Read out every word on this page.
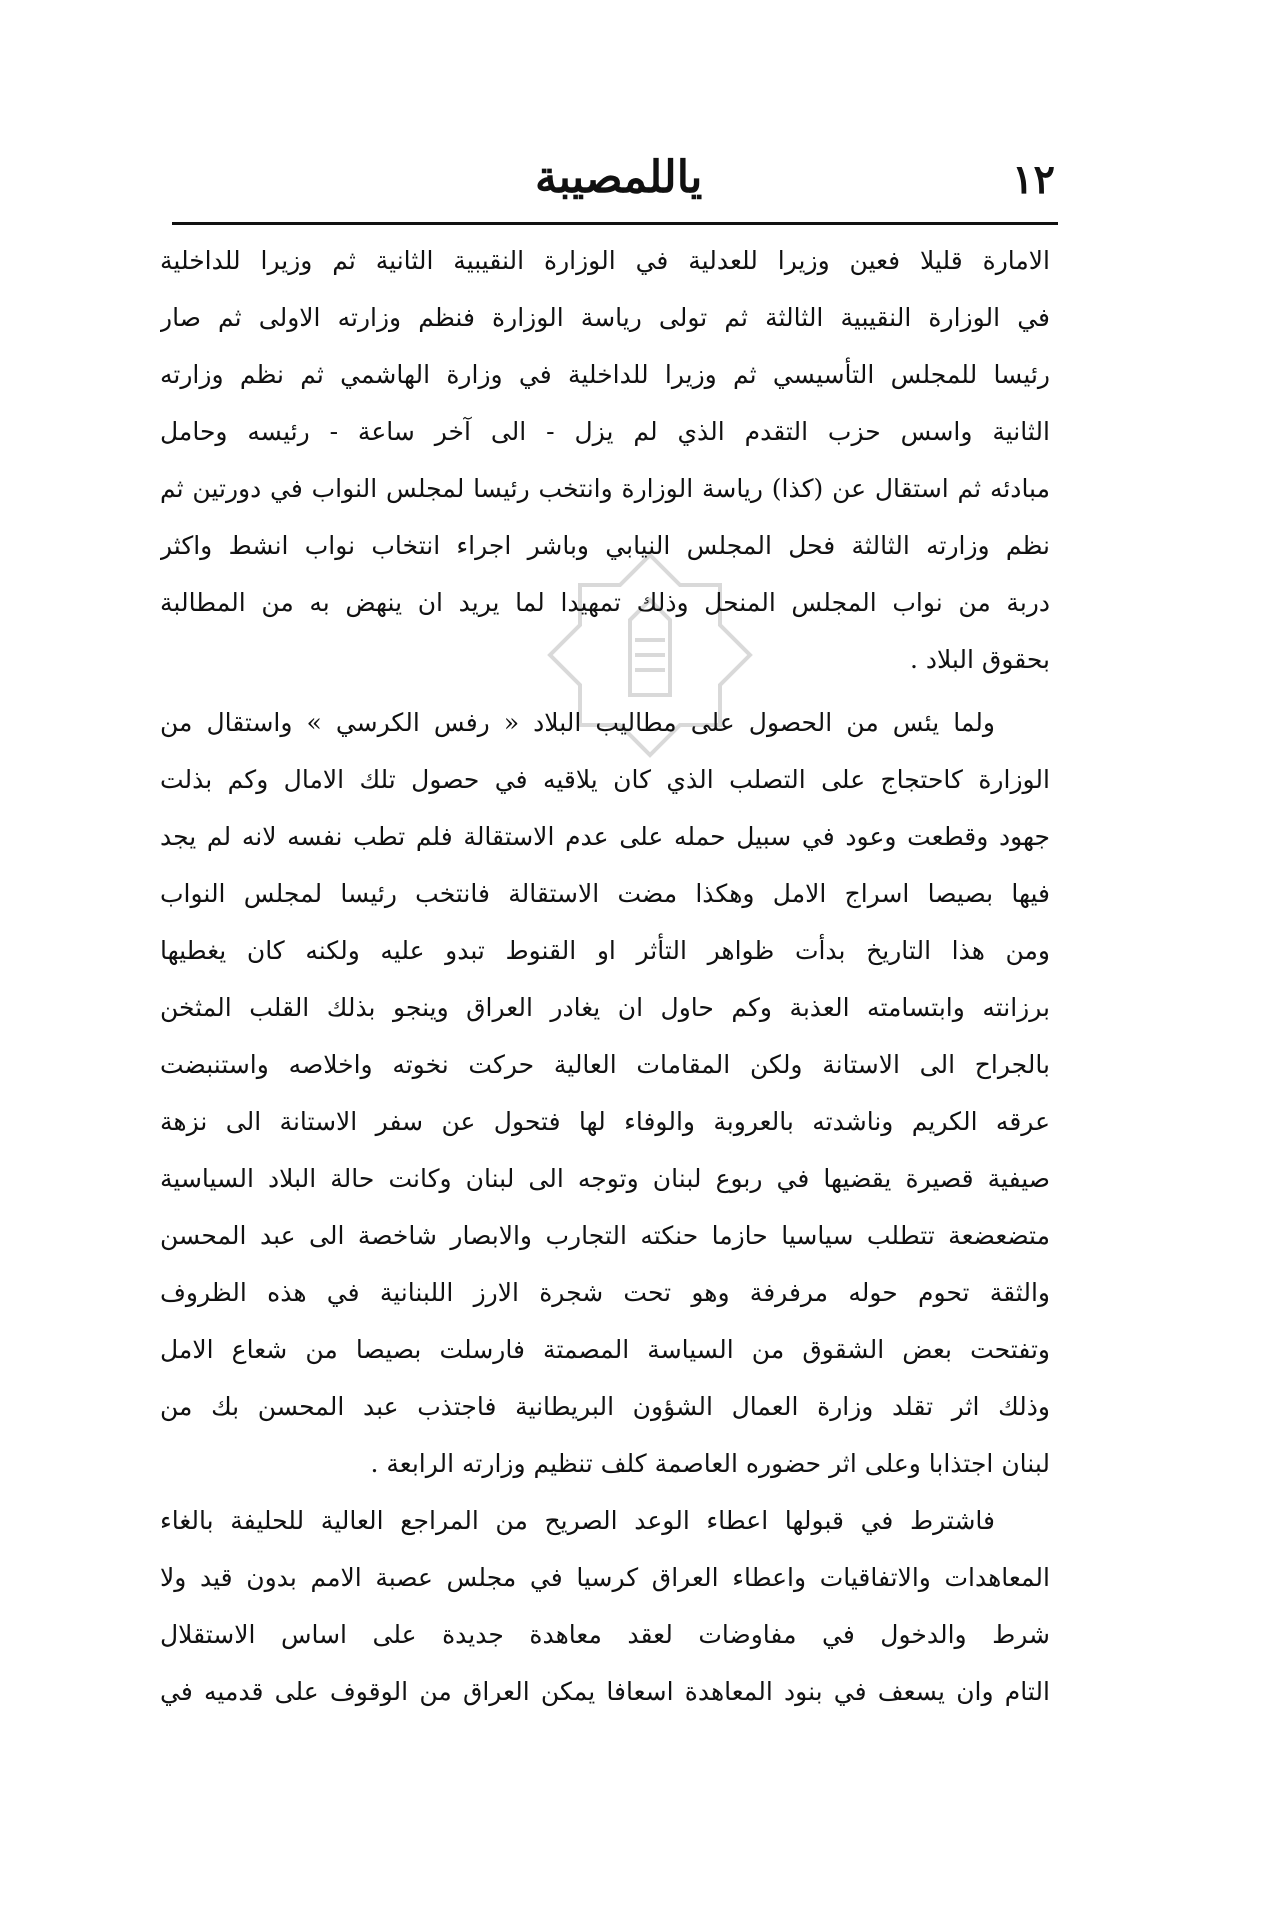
١٢
ياللمصيبة
الامارة قليلا فعين وزيرا للعدلية في الوزارة النقيبية الثانية ثم وزيرا للداخلية
في الوزارة النقيبية الثالثة ثم تولى رياسة الوزارة فنظم وزارته الاولى ثم صار
رئيسا للمجلس التأسيسي ثم وزيرا للداخلية في وزارة الهاشمي ثم نظم وزارته
الثانية واسس حزب التقدم الذي لم يزل - الى آخر ساعة - رئيسه وحامل
مبادئه ثم استقال عن (كذا) رياسة الوزارة وانتخب رئيسا لمجلس النواب في دورتين ثم
نظم وزارته الثالثة فحل المجلس النيابي وباشر اجراء انتخاب نواب انشط واكثر
دربة من نواب المجلس المنحل وذلك تمهيدا لما يريد ان ينهض به من المطالبة
بحقوق البلاد .
ولما يئس من الحصول على مطاليب البلاد « رفس الكرسي » واستقال من
الوزارة كاحتجاج على التصلب الذي كان يلاقيه في حصول تلك الامال وكم بذلت
جهود وقطعت وعود في سبيل حمله على عدم الاستقالة فلم تطب نفسه لانه لم يجد
فيها بصيصا اسراج الامل وهكذا مضت الاستقالة فانتخب رئيسا لمجلس النواب
ومن هذا التاريخ بدأت ظواهر التأثر او القنوط تبدو عليه ولكنه كان يغطيها
برزانته وابتسامته العذبة وكم حاول ان يغادر العراق وينجو بذلك القلب المثخن
بالجراح الى الاستانة ولكن المقامات العالية حركت نخوته واخلاصه واستنبضت
عرقه الكريم وناشدته بالعروبة والوفاء لها فتحول عن سفر الاستانة الى نزهة
صيفية قصيرة يقضيها في ربوع لبنان وتوجه الى لبنان وكانت حالة البلاد السياسية
متضعضعة تتطلب سياسيا حازما حنكته التجارب والابصار شاخصة الى عبد المحسن
والثقة تحوم حوله مرفرفة وهو تحت شجرة الارز اللبنانية في هذه الظروف
وتفتحت بعض الشقوق من السياسة المصمتة فارسلت بصيصا من شعاع الامل
وذلك اثر تقلد وزارة العمال الشؤون البريطانية فاجتذب عبد المحسن بك من
لبنان اجتذابا وعلى اثر حضوره العاصمة كلف تنظيم وزارته الرابعة .
فاشترط في قبولها اعطاء الوعد الصريح من المراجع العالية للحليفة بالغاء
المعاهدات والاتفاقيات واعطاء العراق كرسيا في مجلس عصبة الامم بدون قيد ولا
شرط والدخول في مفاوضات لعقد معاهدة جديدة على اساس الاستقلال
التام وان يسعف في بنود المعاهدة اسعافا يمكن العراق من الوقوف على قدميه في
